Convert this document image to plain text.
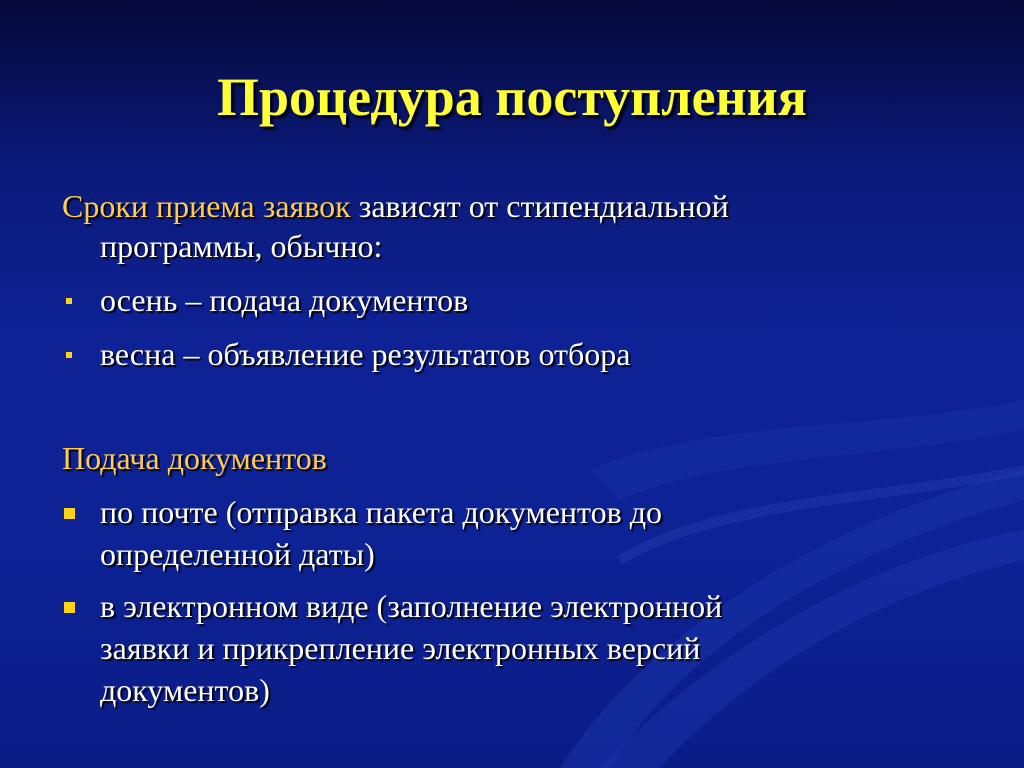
Процедура поступления
Сроки приема заявок зависят от стипендиальной
программы, обычно:
осень – подача документов
весна – объявление результатов отбора
Подача документов
по почте (отправка пакета документов до
определенной даты)
в электронном виде (заполнение электронной
заявки и прикрепление электронных версий
документов)
